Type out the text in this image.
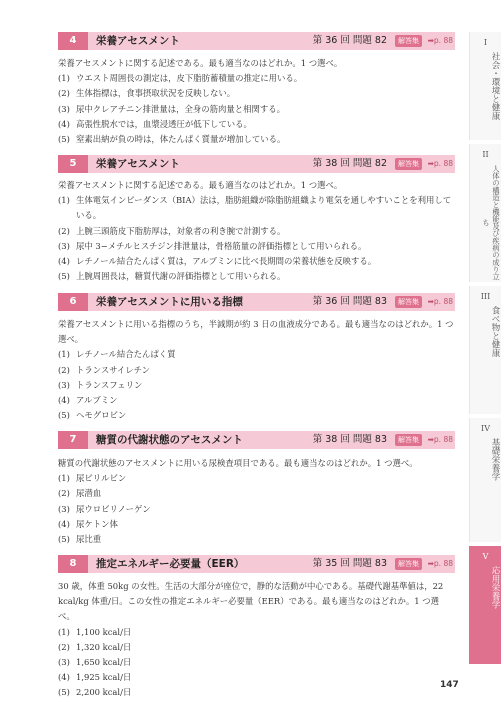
4	栄養アセスメント	第 36 回 問題 82	解答集	➡p. 88

栄養アセスメントに関する記述である。最も適当なのはどれか。1 つ選べ。

(1) ウエスト周囲長の測定は，皮下脂肪蓄積量の推定に用いる。
(2) 生体指標は，食事摂取状況を反映しない。
(3) 尿中クレアチニン排泄量は，全身の筋肉量と相関する。
(4) 高張性脱水では，血漿浸透圧が低下している。
(5) 窒素出納が負の時は，体たんぱく質量が増加している。
5	栄養アセスメント	第 38 回 問題 82	解答集	➡p. 88

栄養アセスメントに関する記述である。最も適当なのはどれか。1 つ選べ。

(1) 生体電気インピーダンス（BIA）法は，脂肪組織が除脂肪組織より電気を通しやすいことを利用している。
(2) 上腕三頭筋皮下脂肪厚は，対象者の利き腕で計測する。
(3) 尿中 3−メチルヒスチジン排泄量は，骨格筋量の評価指標として用いられる。
(4) レチノール結合たんぱく質は，アルブミンに比べ長期間の栄養状態を反映する。
(5) 上腕周囲長は，糖質代謝の評価指標として用いられる。
6	栄養アセスメントに用いる指標	第 36 回 問題 83	解答集	➡p. 88

栄養アセスメントに用いる指標のうち，半減期が約 3 日の血液成分である。最も適当なのはどれか。1 つ選べ。

(1) レチノール結合たんぱく質
(2) トランスサイレチン
(3) トランスフェリン
(4) アルブミン
(5) ヘモグロビン
7	糖質の代謝状態のアセスメント	第 38 回 問題 83	解答集	➡p. 88

糖質の代謝状態のアセスメントに用いる尿検査項目である。最も適当なのはどれか。1 つ選べ。

(1) 尿ビリルビン
(2) 尿潜血
(3) 尿ウロビリノーゲン
(4) 尿ケトン体
(5) 尿比重
8	推定エネルギー必要量（EER）	第 35 回 問題 83	解答集	➡p. 88

30 歳，体重 50kg の女性。生活の大部分が座位で，静的な活動が中心である。基礎代謝基準値は，22 kcal/kg 体重/日。この女性の推定エネルギー必要量（EER）である。最も適当なのはどれか。1 つ選べ。

(1) 1,100 kcal/日
(2) 1,320 kcal/日
(3) 1,650 kcal/日
(4) 1,925 kcal/日
(5) 2,200 kcal/日
I
社会・環境と健康
II
人体の構造と機能及び疾病の成り立ち
III
食べ物と健康
IV
基礎栄養学
V
応用栄養学
147
